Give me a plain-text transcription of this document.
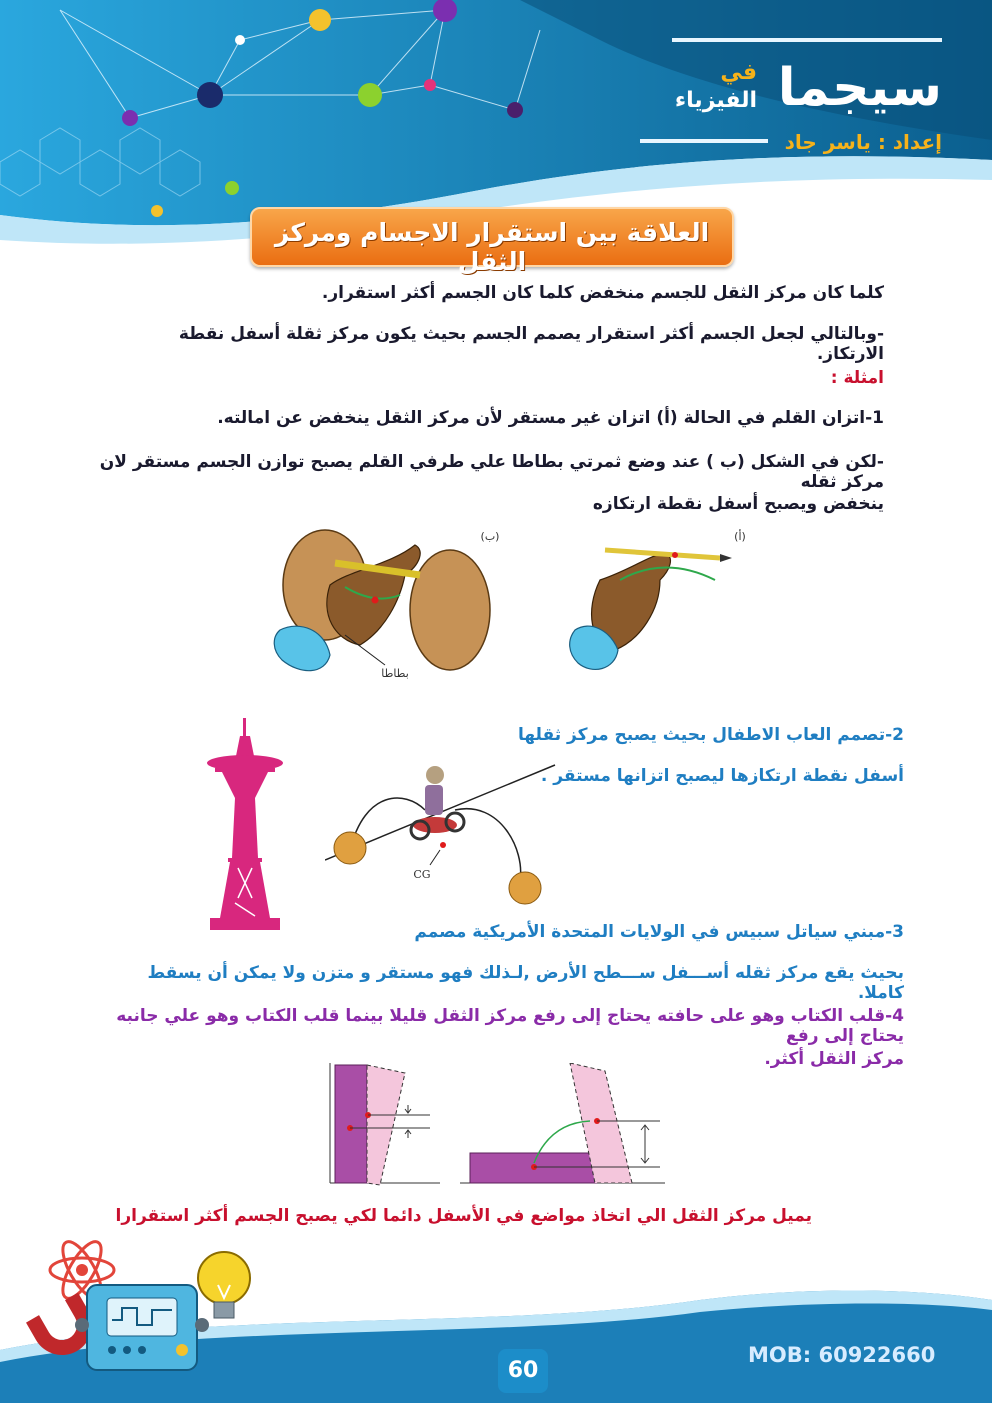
سيجما
في
الفيزياء
إعداد : ياسر جاد
العلاقة بين استقرار الاجسام ومركز الثقل
كلما كان مركز الثقل للجسم منخفض كلما كان الجسم أكثر استقرار.
-وبالتالي لجعل الجسم أكثر استقرار يصمم الجسم بحيث يكون مركز ثقلة أسفل نقطة الارتكاز.
امثلة :
1-اتزان القلم في الحالة (أ) اتزان غير مستقر لأن مركز الثقل ينخفض عن امالته.
-لكن في الشكل (ب ) عند وضع ثمرتي بطاطا علي طرفي القلم يصبح توازن الجسم مستقر لان مركز ثقله
ينخفض ويصبح أسفل نقطة ارتكازه
(ب)
بطاطا
(أ)
2-تصمم العاب الاطفال بحيث يصبح مركز ثقلها
أسفل نقطة ارتكازها ليصبح اتزانها مستقر .
CG
3-مبني سياتل سبيس في الولايات المتحدة الأمريكية مصمم
بحيث يقع مركز ثقله أســـفل ســـطح الأرض ,لـذلك فهو مستقر و متزن ولا يمكن أن يسقط كاملا.
4-قلب الكتاب وهو على حافته يحتاج إلى رفع مركز الثقل قليلا بينما قلب الكتاب وهو علي جانبه يحتاج إلى رفع
مركز الثقل أكثر.
يميل مركز الثقل الي اتخاذ مواضع في الأسفل دائما لكي يصبح الجسم أكثر استقرارا
MOB: 60922660
60
